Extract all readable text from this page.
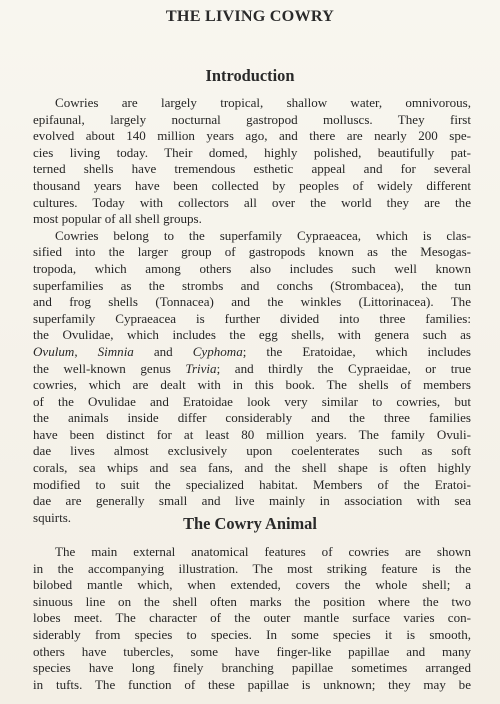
THE LIVING COWRY
Introduction
Cowries are largely tropical, shallow water, omnivorous,
epifaunal, largely nocturnal gastropod molluscs. They first
evolved about 140 million years ago, and there are nearly 200 spe-
cies living today. Their domed, highly polished, beautifully pat-
terned shells have tremendous esthetic appeal and for several
thousand years have been collected by peoples of widely different
cultures. Today with collectors all over the world they are the
most popular of all shell groups.
Cowries belong to the superfamily Cypraeacea, which is clas-
sified into the larger group of gastropods known as the Mesogas-
tropoda, which among others also includes such well known
superfamilies as the strombs and conchs (Strombacea), the tun
and frog shells (Tonnacea) and the winkles (Littorinacea). The
superfamily Cypraeacea is further divided into three families:
the Ovulidae, which includes the egg shells, with genera such as
Ovulum, Simnia and Cyphoma; the Eratoidae, which includes
the well-known genus Trivia; and thirdly the Cypraeidae, or true
cowries, which are dealt with in this book. The shells of members
of the Ovulidae and Eratoidae look very similar to cowries, but
the animals inside differ considerably and the three families
have been distinct for at least 80 million years. The family Ovuli-
dae lives almost exclusively upon coelenterates such as soft
corals, sea whips and sea fans, and the shell shape is often highly
modified to suit the specialized habitat. Members of the Eratoi-
dae are generally small and live mainly in association with sea
squirts.	The Cowry Animal
The main external anatomical features of cowries are shown
in the accompanying illustration. The most striking feature is the
bilobed mantle which, when extended, covers the whole shell; a
sinuous line on the shell often marks the position where the two
lobes meet. The character of the outer mantle surface varies con-
siderably from species to species. In some species it is smooth,
others have tubercles, some have finger-like papillae and many
species have long finely branching papillae sometimes arranged
in tufts. The function of these papillae is unknown; they may be
